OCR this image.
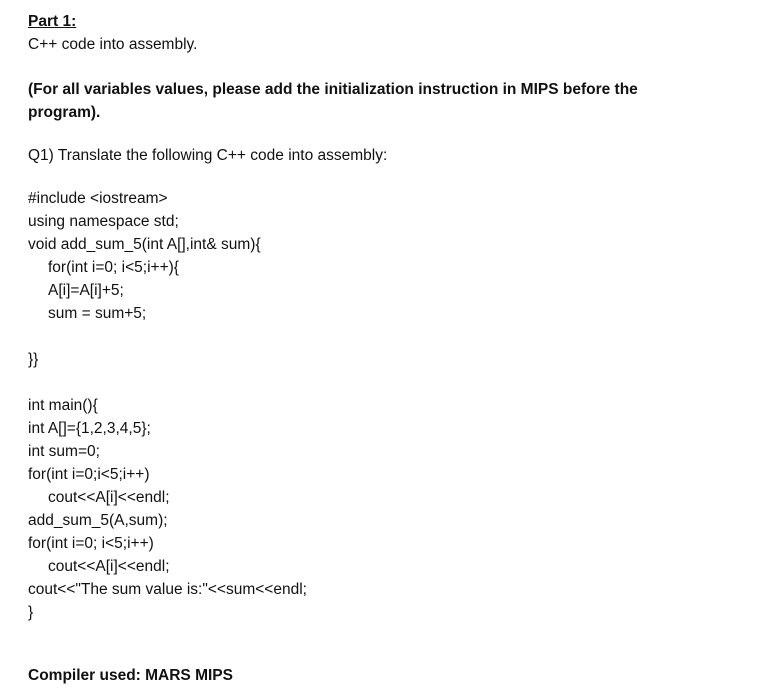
Part 1:
C++ code into assembly.
(For all variables values, please add the initialization instruction in MIPS before the
program).
Q1) Translate the following C++ code into assembly:
#include <iostream>
using namespace std;
void add_sum_5(int A[],int& sum){
for(int i=0; i<5;i++){
A[i]=A[i]+5;
sum = sum+5;
}}
int main(){
int A[]={1,2,3,4,5};
int sum=0;
for(int i=0;i<5;i++)
cout<<A[i]<<endl;
add_sum_5(A,sum);
for(int i=0; i<5;i++)
cout<<A[i]<<endl;
cout<<"The sum value is:"<<sum<<endl;
}
Compiler used: MARS MIPS
